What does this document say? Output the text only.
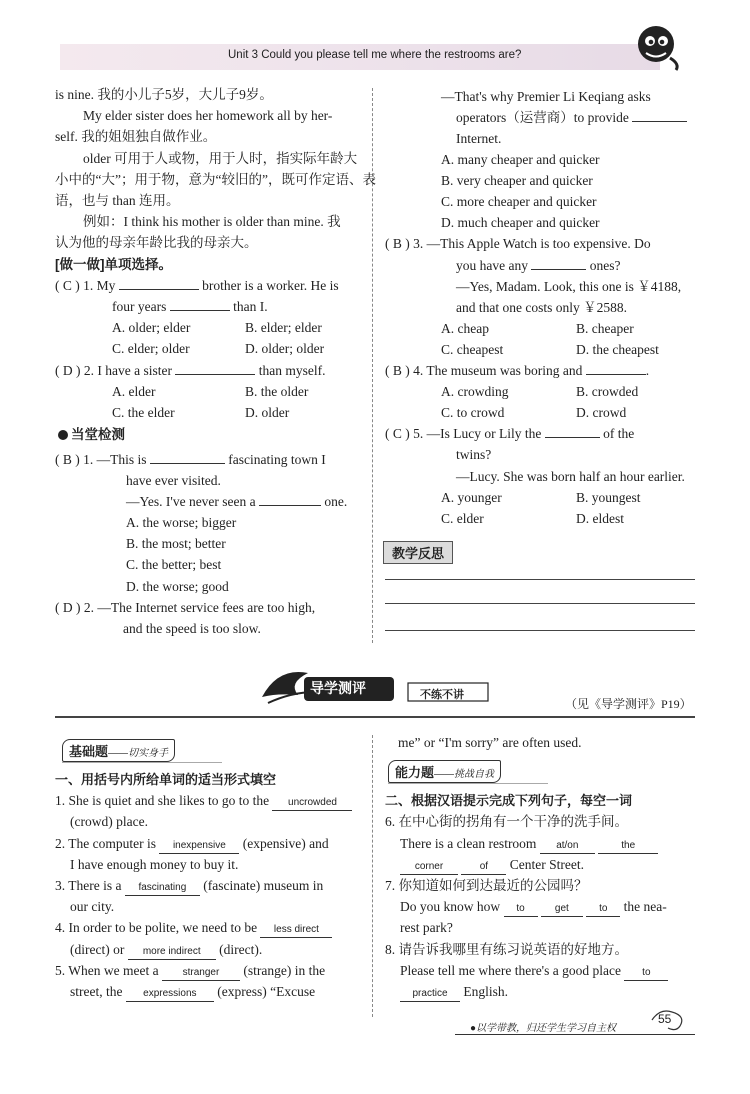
Unit 3 Could you please tell me where the restrooms are?
is nine. 我的小儿子5岁，大儿子9岁。
My elder sister does her homework all by her-
self. 我的姐姐独自做作业。
older 可用于人或物，用于人时，指实际年龄大
小中的“大”；用于物，意为“较旧的”，既可作定语、表
语，也与 than 连用。
例如：I think his mother is older than mine. 我
认为他的母亲年龄比我的母亲大。
[做一做]单项选择。
( C ) 1. My	brother is a worker. He is
four years	than I.
A. older; elder	B. elder; elder
C. elder; older	D. older; older
( D ) 2. I have a sister	than myself.
A. elder	B. the older
C. the elder	D. older
当堂检测
( B ) 1. —This is	fascinating town I
have ever visited.
—Yes. I've never seen a	one.
A. the worse; bigger
B. the most; better
C. the better; best
D. the worse; good
( D ) 2. —The Internet service fees are too high,
and the speed is too slow.
—That's why Premier Li Keqiang asks
operators（运营商）to provide
Internet.
A. many cheaper and quicker
B. very cheaper and quicker
C. more cheaper and quicker
D. much cheaper and quicker
( B ) 3. —This Apple Watch is too expensive. Do
you have any	ones?
—Yes, Madam. Look, this one is ￥4188,
and that one costs only ￥2588.
A. cheap	B. cheaper
C. cheapest	D. the cheapest
( B ) 4. The museum was boring and	.
A. crowding	B. crowded
C. to crowd	D. crowd
( C ) 5. —Is Lucy or Lily the	of the
twins?
—Lucy. She was born half an hour earlier.
A. younger	B. youngest
C. elder	D. eldest
教学反思
导学测评	不练不讲
（见《导学测评》P19）
基础题——切实身手
一、用括号内所给单词的适当形式填空
1. She is quiet and she likes to go to the uncrowded
(crowd) place.
2. The computer is inexpensive (expensive) and
I have enough money to buy it.
3. There is a fascinating (fascinate) museum in
our city.
4. In order to be polite, we need to be less direct
(direct) or more indirect (direct).
5. When we meet a stranger (strange) in the
street, the expressions (express) “Excuse
me” or “I'm sorry” are often used.
能力题——挑战自我
二、根据汉语提示完成下列句子，每空一词
6. 在中心街的拐角有一个干净的洗手间。
There is a clean restroom at/on	the
corner	of Center Street.
7. 你知道如何到达最近的公园吗？
Do you know how to	get	to the nea-
rest park?
8. 请告诉我哪里有练习说英语的好地方。
Please tell me where there's a good place to
practice English.
●以学带教，归还学生学习自主权
55
